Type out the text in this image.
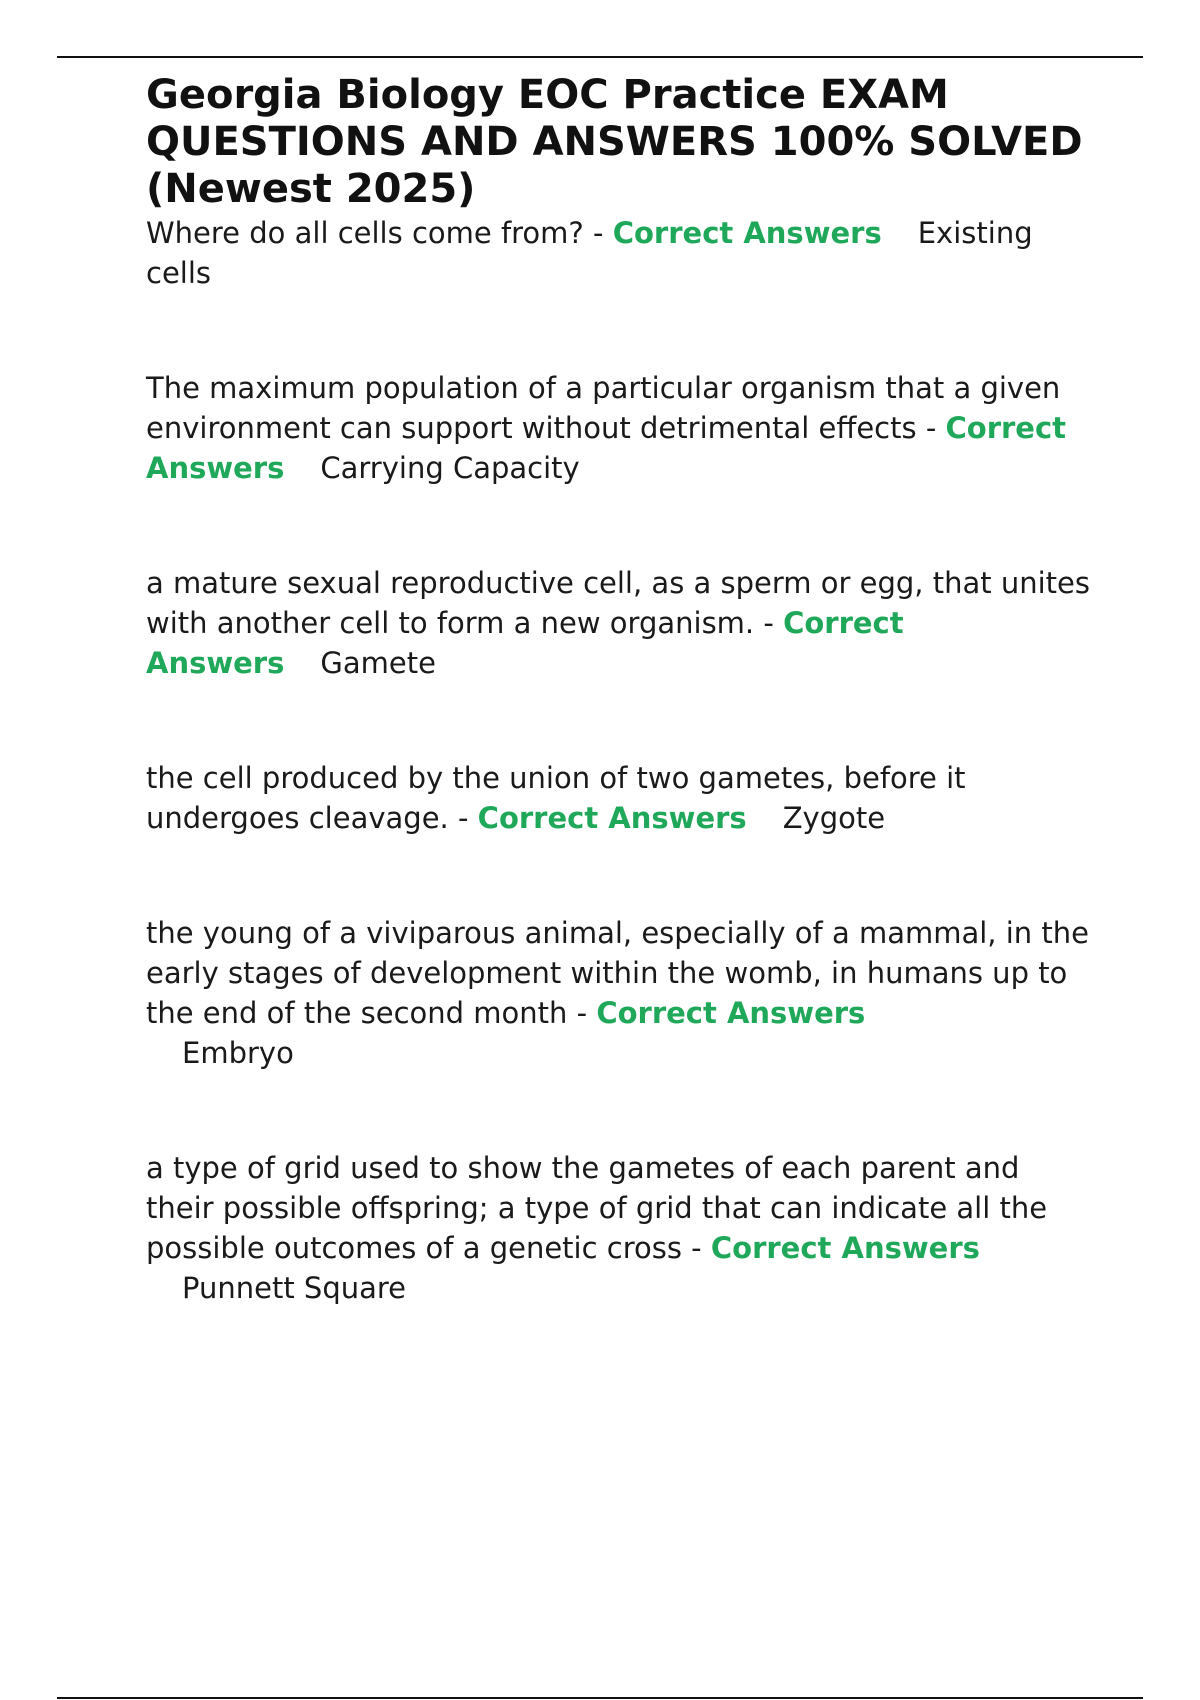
Georgia Biology EOC Practice EXAM QUESTIONS AND ANSWERS 100% SOLVED (Newest 2025)

Where do all cells come from? - Correct Answers Existing cells

The maximum population of a particular organism that a given environment can support without detrimental effects - Correct Answers Carrying Capacity

a mature sexual reproductive cell, as a sperm or egg, that unites with another cell to form a new organism. - Correct Answers Gamete

the cell produced by the union of two gametes, before it undergoes cleavage. - Correct Answers Zygote

the young of a viviparous animal, especially of a mammal, in the early stages of development within the womb, in humans up to the end of the second month - Correct Answers
Embryo

a type of grid used to show the gametes of each parent and their possible offspring; a type of grid that can indicate all the possible outcomes of a genetic cross - Correct Answers
Punnett Square
